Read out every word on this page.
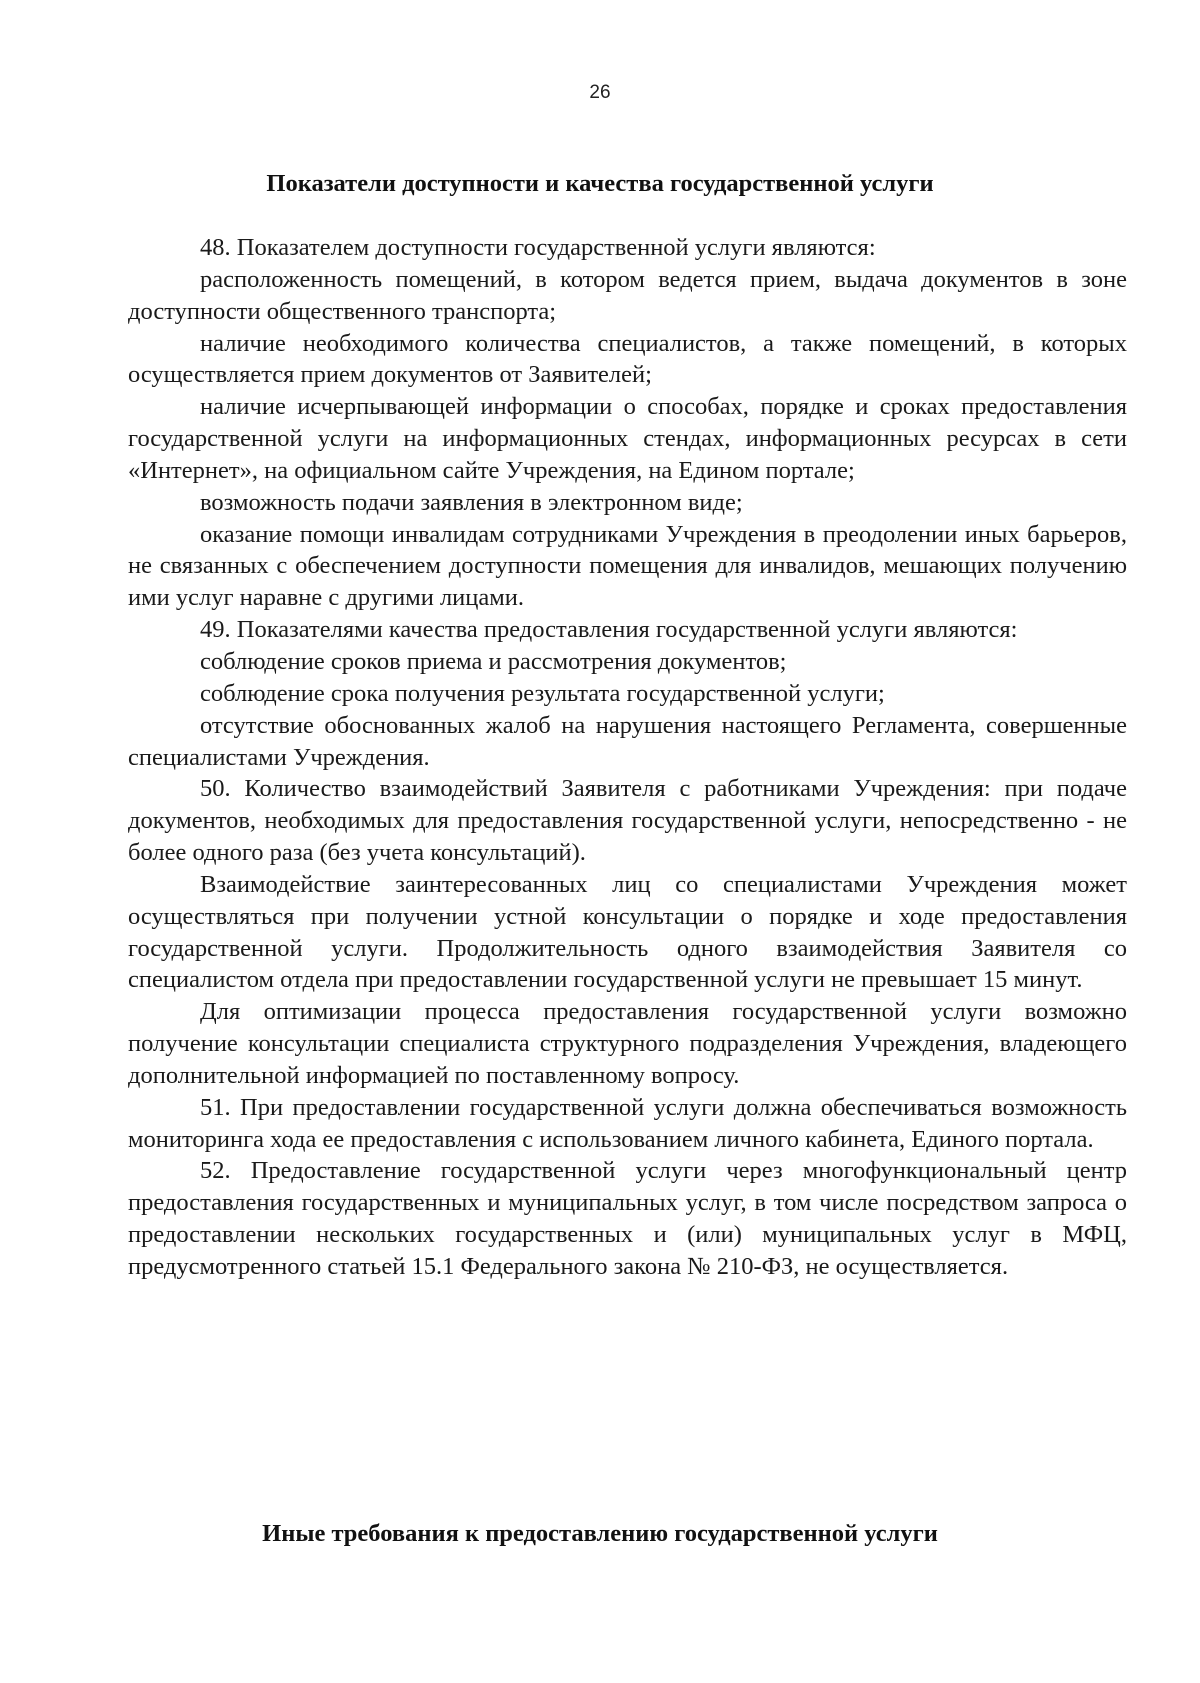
26
Показатели доступности и качества государственной услуги

48. Показателем доступности государственной услуги являются:

расположенность помещений, в котором ведется прием, выдача документов в зоне доступности общественного транспорта;

наличие необходимого количества специалистов, а также помещений, в которых осуществляется прием документов от Заявителей;

наличие исчерпывающей информации о способах, порядке и сроках предоставления государственной услуги на информационных стендах, информационных ресурсах в сети «Интернет», на официальном сайте Учреждения, на Едином портале;

возможность подачи заявления в электронном виде;

оказание помощи инвалидам сотрудниками Учреждения в преодолении иных барьеров, не связанных с обеспечением доступности помещения для инвалидов, мешающих получению ими услуг наравне с другими лицами.

49. Показателями качества предоставления государственной услуги являются:

соблюдение сроков приема и рассмотрения документов;

соблюдение срока получения результата государственной услуги;

отсутствие обоснованных жалоб на нарушения настоящего Регламента, совершенные специалистами Учреждения.

50. Количество взаимодействий Заявителя с работниками Учреждения: при подаче документов, необходимых для предоставления государственной услуги, непосредственно - не более одного раза (без учета консультаций).

Взаимодействие заинтересованных лиц со специалистами Учреждения может осуществляться при получении устной консультации о порядке и ходе предоставления государственной услуги. Продолжительность одного взаимодействия Заявителя со специалистом отдела при предоставлении государственной услуги не превышает 15 минут.

Для оптимизации процесса предоставления государственной услуги возможно получение консультации специалиста структурного подразделения Учреждения, владеющего дополнительной информацией по поставленному вопросу.

51. При предоставлении государственной услуги должна обеспечиваться возможность мониторинга хода ее предоставления с использованием личного кабинета, Единого портала.

52. Предоставление государственной услуги через многофункциональный центр предоставления государственных и муниципальных услуг, в том числе посредством запроса о предоставлении нескольких государственных и (или) муниципальных услуг в МФЦ, предусмотренного статьей 15.1 Федерального закона № 210-ФЗ, не осуществляется.

Иные требования к предоставлению государственной услуги
